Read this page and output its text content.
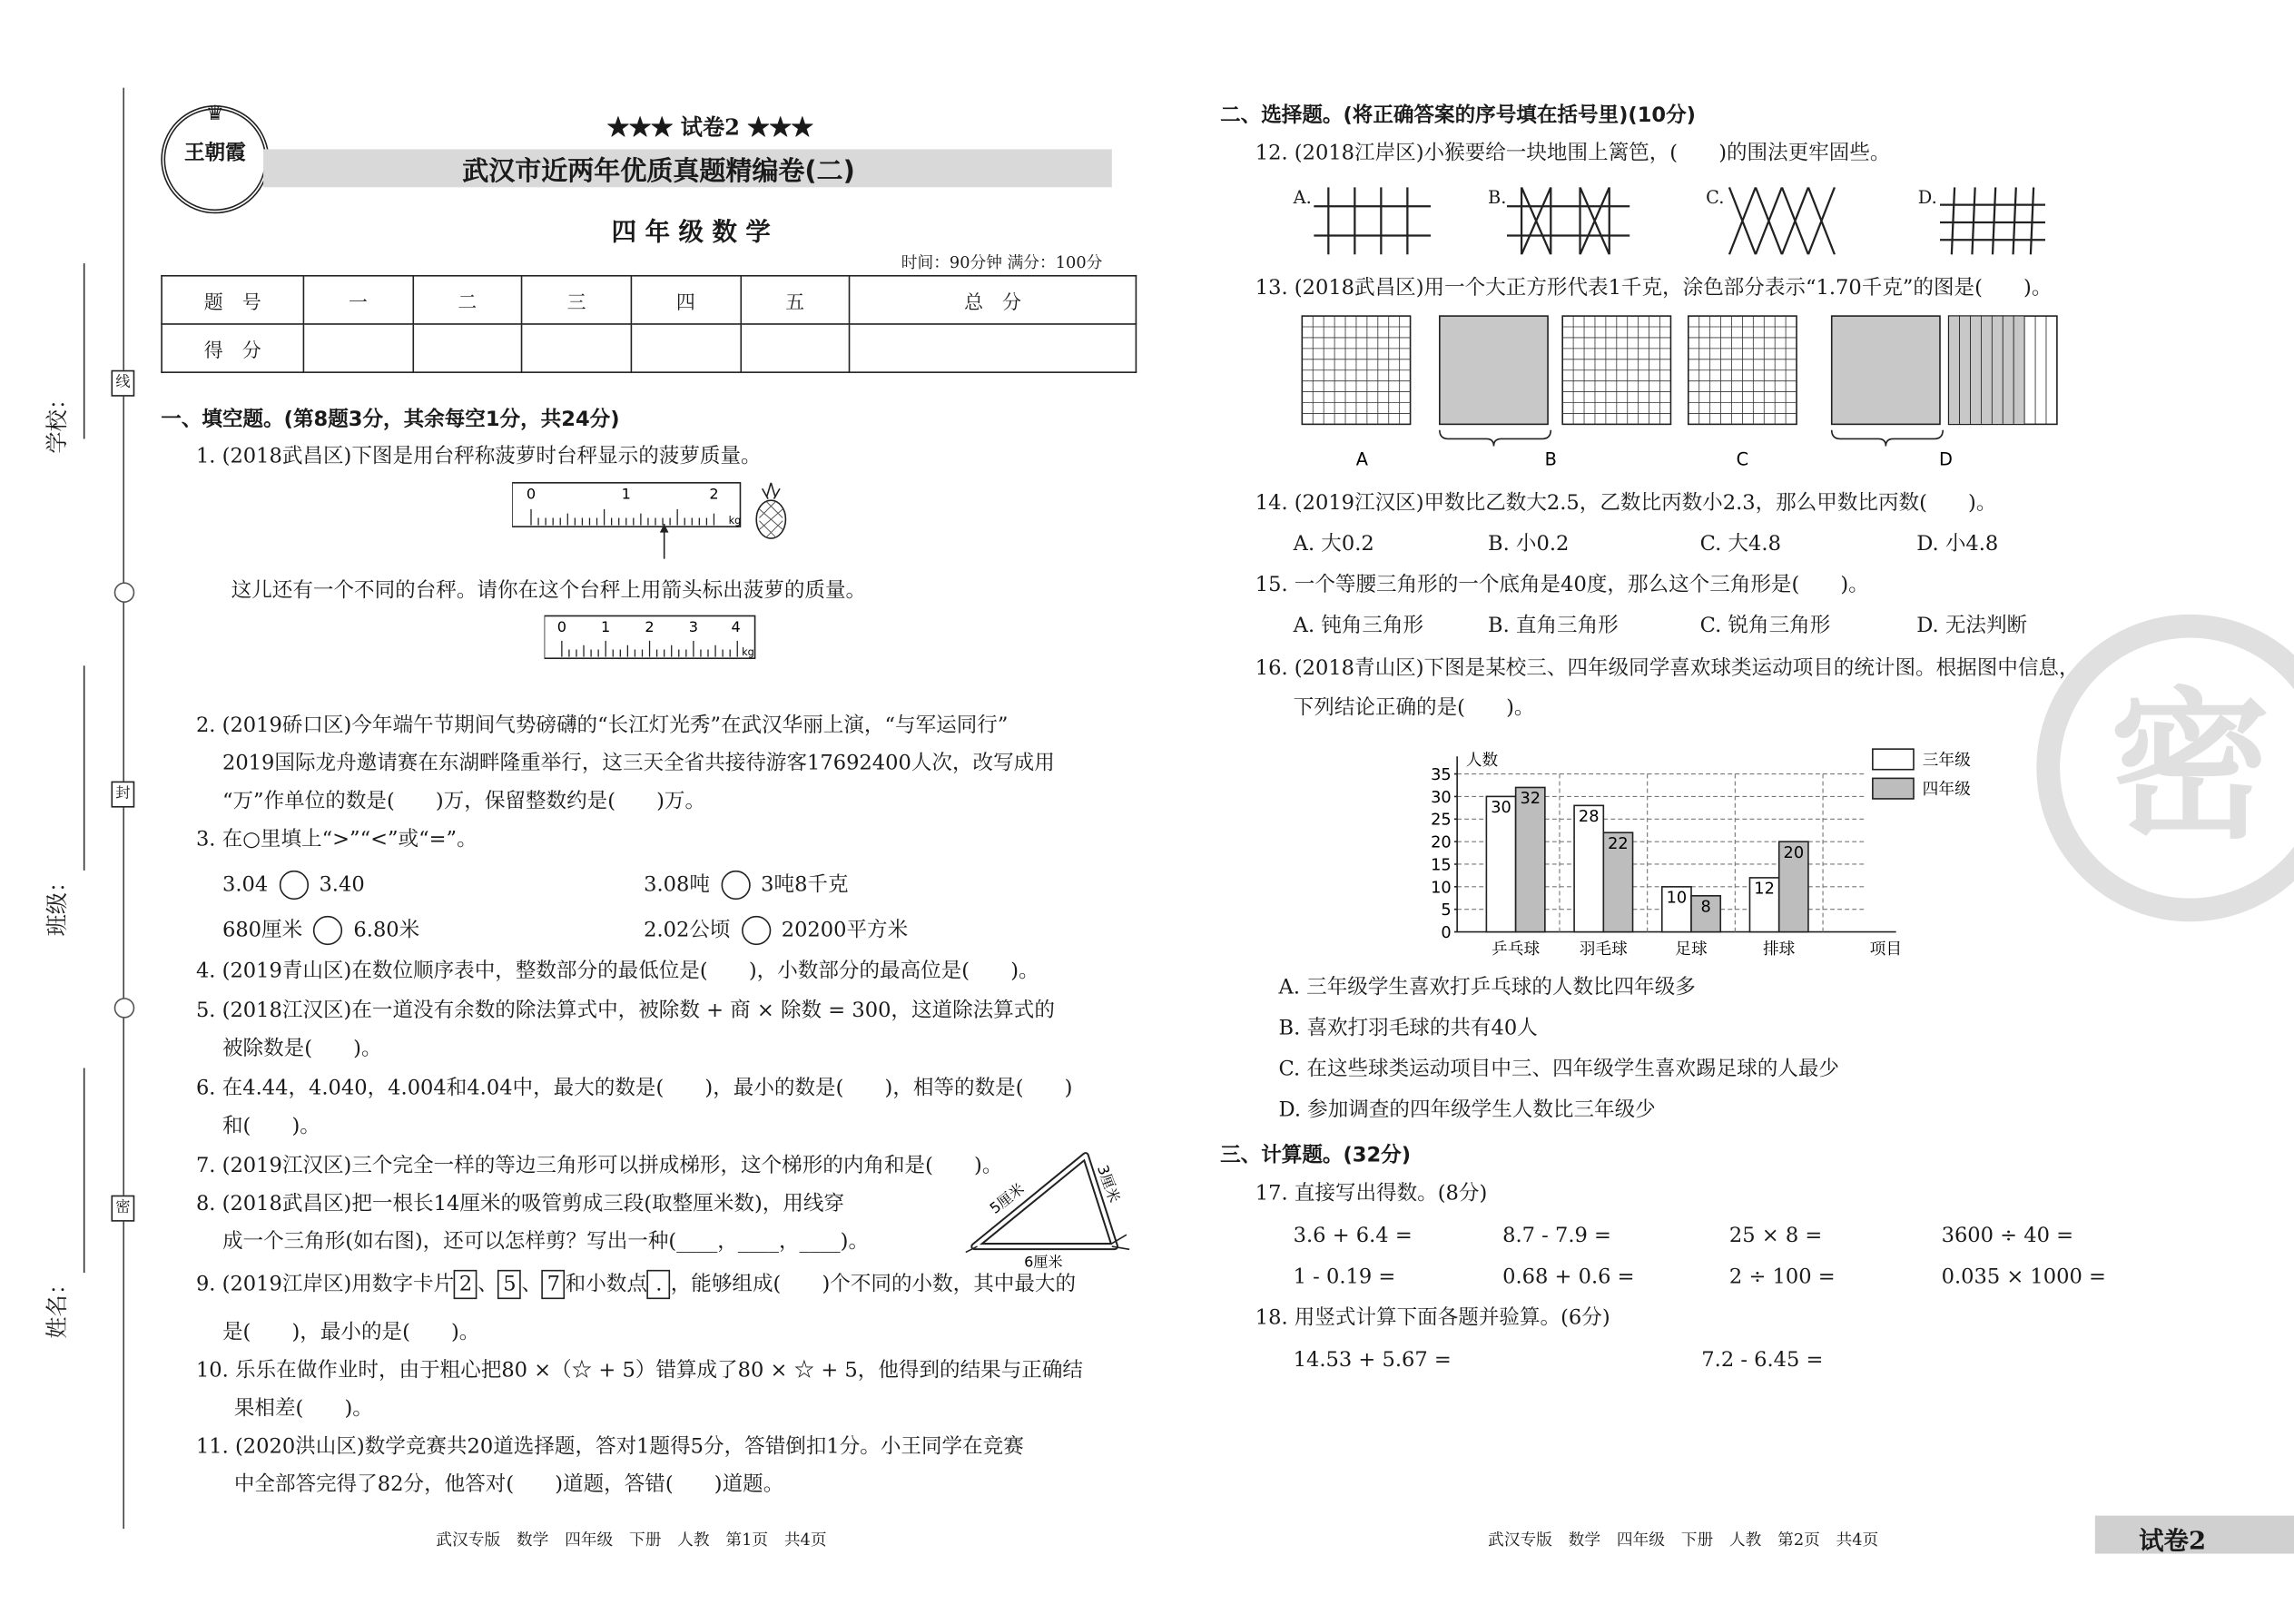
学校：
班级：
姓名：
线
封
密
♛
王朝霞
★★★ 试卷2 ★★★
武汉市近两年优质真题精编卷(二)
四 年 级 数 学
时间：90分钟 满分：100分
题　号	一	二	三	四	五	总　分
得　分						
一、填空题。(第8题3分，其余每空1分，共24分)
1. (2018武昌区)下图是用台秤称菠萝时台秤显示的菠萝质量。
0	1	2
kg
这儿还有一个不同的台秤。请你在这个台秤上用箭头标出菠萝的质量。
0	1	2	3	4
kg
2. (2019硚口区)今年端午节期间气势磅礴的“长江灯光秀”在武汉华丽上演，“与军运同行”
2019国际龙舟邀请赛在东湖畔隆重举行，这三天全省共接待游客17692400人次，改写成用
“万”作单位的数是(　　)万，保留整数约是(　　)万。
3. 在○里填上“>”“<”或“=”。
3.04	3.40	3.08吨	3吨8千克
680厘米	6.80米	2.02公顷	20200平方米
4. (2019青山区)在数位顺序表中，整数部分的最低位是(　　)，小数部分的最高位是(　　)。
5. (2018江汉区)在一道没有余数的除法算式中，被除数 + 商 × 除数 = 300，这道除法算式的
被除数是(　　)。
6. 在4.44，4.040，4.004和4.04中，最大的数是(　　)，最小的数是(　　)，相等的数是(　　)
和(　　)。
7. (2019江汉区)三个完全一样的等边三角形可以拼成梯形，这个梯形的内角和是(　　)。
8. (2018武昌区)把一根长14厘米的吸管剪成三段(取整厘米数)，用线穿
成一个三角形(如右图)，还可以怎样剪？写出一种(____，____，____)。
5厘米	3厘米
6厘米
9. (2019江岸区)用数字卡片 2 、 5 、 7 和小数点 . ，能够组成(　　)个不同的小数，其中最大的
是(　　)，最小的是(　　)。
10. 乐乐在做作业时，由于粗心把80 ×（☆ + 5）错算成了80 × ☆ + 5，他得到的结果与正确结
果相差(　　)。
11. (2020洪山区)数学竞赛共20道选择题，答对1题得5分，答错倒扣1分。小王同学在竞赛
中全部答完得了82分，他答对(　　)道题，答错(　　)道题。
武汉专版　数学　四年级　下册　人教　第1页　共4页
二、选择题。(将正确答案的序号填在括号里)(10分)
12. (2018江岸区)小猴要给一块地围上篱笆，(　　)的围法更牢固些。
A.	B.	C.	D.
13. (2018武昌区)用一个大正方形代表1千克，涂色部分表示“1.70千克”的图是(　　)。
A	B	C	D
14. (2019江汉区)甲数比乙数大2.5，乙数比丙数小2.3，那么甲数比丙数(　　)。
A. 大0.2	B. 小0.2	C. 大4.8	D. 小4.8
15. 一个等腰三角形的一个底角是40度，那么这个三角形是(　　)。
A. 钝角三角形	B. 直角三角形	C. 锐角三角形	D. 无法判断
16. (2018青山区)下图是某校三、四年级同学喜欢球类运动项目的统计图。根据图中信息，
下列结论正确的是(　　)。
0
5
10
15
20
25
30
35
人数
项目
30 32
乒乓球
28
22
羽毛球
10 8
足球
12
20
排球
三年级
四年级
A. 三年级学生喜欢打乒乓球的人数比四年级多
B. 喜欢打羽毛球的共有40人
C. 在这些球类运动项目中三、四年级学生喜欢踢足球的人最少
D. 参加调查的四年级学生人数比三年级少
三、计算题。(32分)
17. 直接写出得数。(8分)
3.6 + 6.4 =	8.7 - 7.9 =	25 × 8 =	3600 ÷ 40 =
1 - 0.19 =	0.68 + 0.6 =	2 ÷ 100 =	0.035 × 1000 =
18. 用竖式计算下面各题并验算。(6分)
14.53 + 5.67 =	7.2 - 6.45 =
密
武汉专版　数学　四年级　下册　人教　第2页　共4页	试卷2
